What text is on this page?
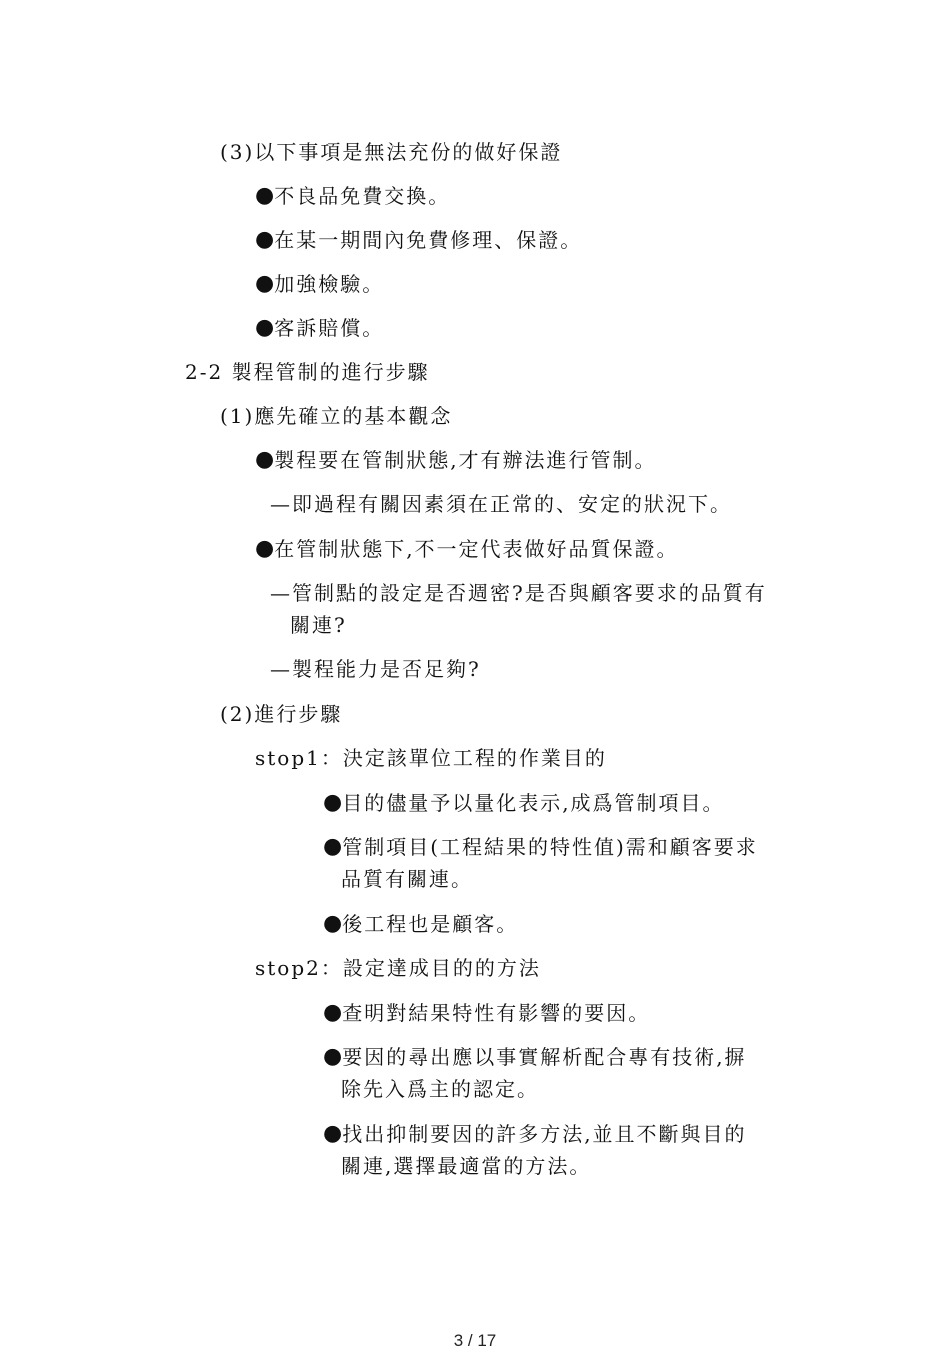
(3)以下事項是無法充份的做好保證
●不良品免費交換。
●在某一期間內免費修理、保證。
●加強檢驗。
●客訴賠償。
2-2 製程管制的進行步驟
(1)應先確立的基本觀念
●製程要在管制狀態,才有辦法進行管制。
—即過程有關因素須在正常的、安定的狀況下。
●在管制狀態下,不一定代表做好品質保證。
—管制點的設定是否週密?是否與顧客要求的品質有
關連?
—製程能力是否足夠?
(2)進行步驟
stop1：決定該單位工程的作業目的
●目的儘量予以量化表示,成爲管制項目。
●管制項目(工程結果的特性值)需和顧客要求
品質有關連。
●後工程也是顧客。
stop2：設定達成目的的方法
●查明對結果特性有影響的要因。
●要因的尋出應以事實解析配合專有技術,摒
除先入爲主的認定。
●找出抑制要因的許多方法,並且不斷與目的
關連,選擇最適當的方法。
3 / 17
